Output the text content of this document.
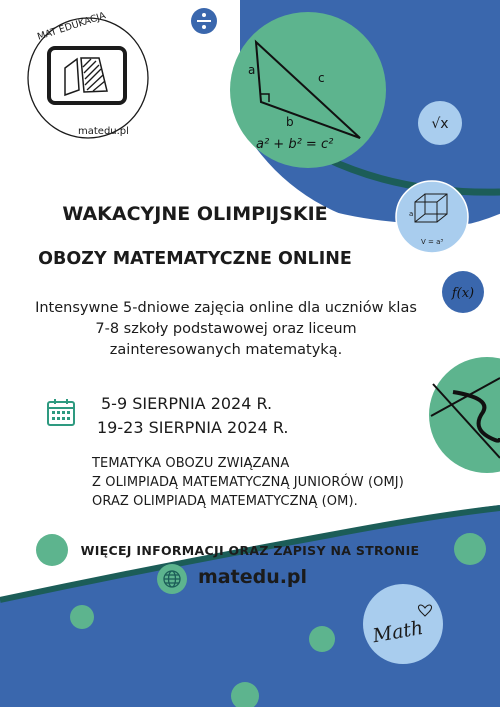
MAT EDUKACJA
matedu.pl
a
c
b
a² + b² = c²
√x
a
V = a³
f(x)
Math
WAKACYJNE OLIMPIJSKIE
OBOZY MATEMATYCZNE ONLINE
Intensywne 5-dniowe zajęcia online dla uczniów klas
7-8 szkoły podstawowej oraz liceum
zainteresowanych matematyką.
5-9 SIERPNIA 2024 R.
19-23 SIERPNIA 2024 R.
TEMATYKA OBOZU ZWIĄZANA
Z OLIMPIADĄ MATEMATYCZNĄ JUNIORÓW (OMJ)
ORAZ OLIMPIADĄ MATEMATYCZNĄ (OM).
WIĘCEJ INFORMACJI ORAZ ZAPISY NA STRONIE
matedu.pl
